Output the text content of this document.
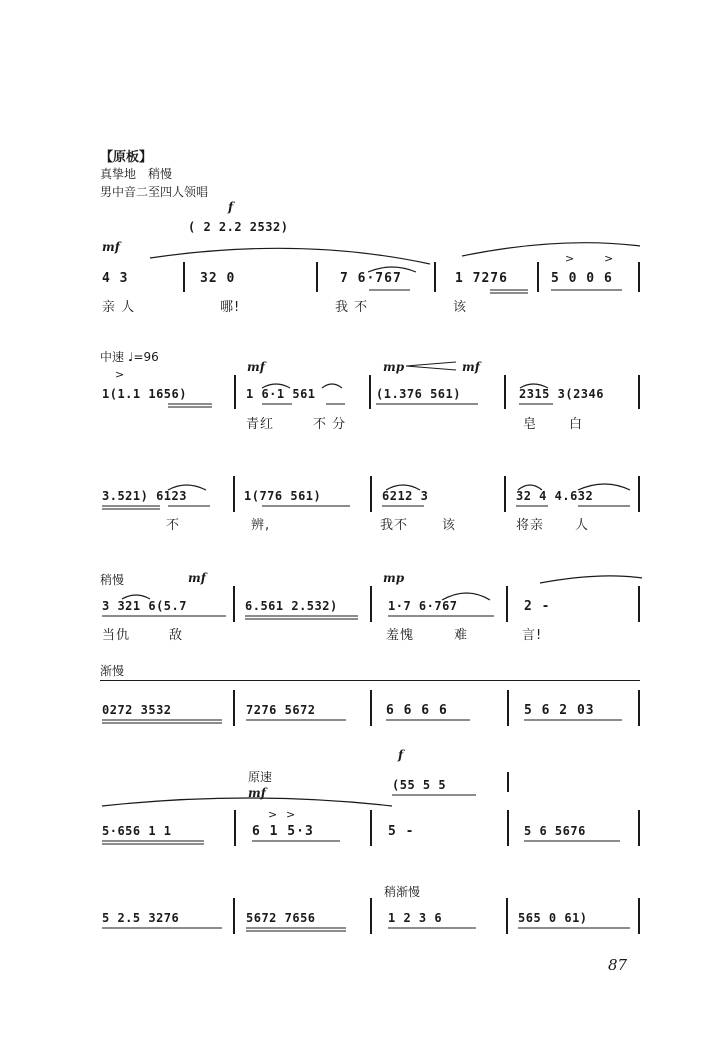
【原板】
真挚地　稍慢
男中音二至四人领唱
f
( 2 2.2 2532)
mf
4 3	32 0	7 6·767	1 7276	5 0 0 6
亲 人	哪!	我 不	该
中速 ♩=96
mf	mp	mf
1(1.1 1656)	1 6·1 561	(1.376 561)	2315 3(2346
青红	不 分	皂 白
3.521) 6123	1(776 561)	6212 3	32 4 4.632
不	辨,	我不	该	将亲 人
稍慢	mf	mp
3 321 6(5.7	6.561 2.532)	1·7 6·767	2 -
当仇	敌	羞愧	难	言!
渐慢
0272 3532	7276 5672	6 6 6 6	5 6 2 03
f
原速
(55 5 5
mf
5·656 1 1	6 1 5·3	5 -	5 6 5676
稍渐慢
5 2.5 3276	5672 7656	1 2 3 6	565 0 61)
87
>	>
>
> >
